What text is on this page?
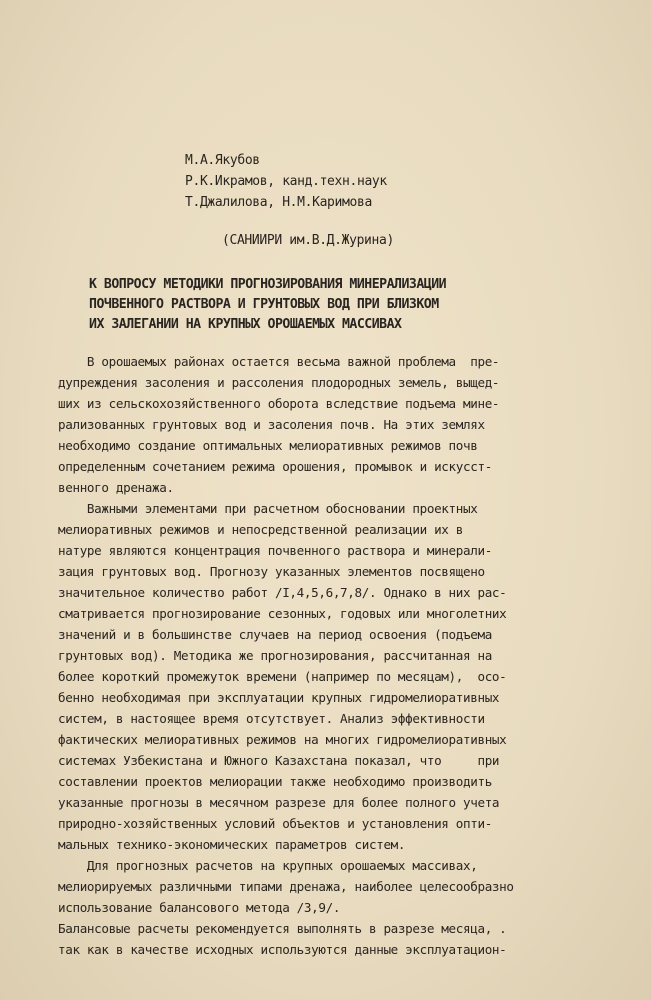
М.А.Якубов
Р.К.Икрамов, канд.техн.наук
Т.Джалилова, Н.М.Каримова
(САНИИРИ им.В.Д.Журина)
К ВОПРОСУ МЕТОДИКИ ПРОГНОЗИРОВАНИЯ МИНЕРАЛИЗАЦИИ
ПОЧВЕННОГО РАСТВОРА И ГРУНТОВЫХ ВОД ПРИ БЛИЗКОМ
ИХ ЗАЛЕГАНИИ НА КРУПНЫХ ОРОШАЕМЫХ МАССИВАХ
В орошаемых районах остается весьма важной проблема  пре-
дупреждения засоления и рассоления плодородных земель, выщед-
ших из сельскохозяйственного оборота вследствие подъема мине-
рализованных грунтовых вод и засоления почв. На этих землях
необходимо создание оптимальных мелиоративных режимов почв
определенным сочетанием режима орошения, промывок и искусст-
венного дренажа.
Важными элементами при расчетном обосновании проектных
мелиоративных режимов и непосредственной реализации их в
натуре являются концентрация почвенного раствора и минерали-
зация грунтовых вод. Прогнозу указанных элементов посвящено
значительное количество работ /I,4,5,6,7,8/. Однако в них рас-
сматривается прогнозирование сезонных, годовых или многолетних
значений и в большинстве случаев на период освоения (подъема
грунтовых вод). Методика же прогнозирования, рассчитанная на
более короткий промежуток времени (например по месяцам),  осо-
бенно необходимая при эксплуатации крупных гидромелиоративных
систем, в настоящее время отсутствует. Анализ эффективности
фактических мелиоративных режимов на многих гидромелиоративных
системах Узбекистана и Южного Казахстана показал, что     при
составлении проектов мелиорации также необходимо производить
указанные прогнозы в месячном разрезе для более полного учета
природно-хозяйственных условий объектов и установления опти-
мальных технико-экономических параметров систем.
Для прогнозных расчетов на крупных орошаемых массивах,
мелиорируемых различными типами дренажа, наиболее целесообразно
использование балансового метода /3,9/.
Балансовые расчеты рекомендуется выполнять в разрезе месяца, .
так как в качестве исходных используются данные эксплуатацион-
